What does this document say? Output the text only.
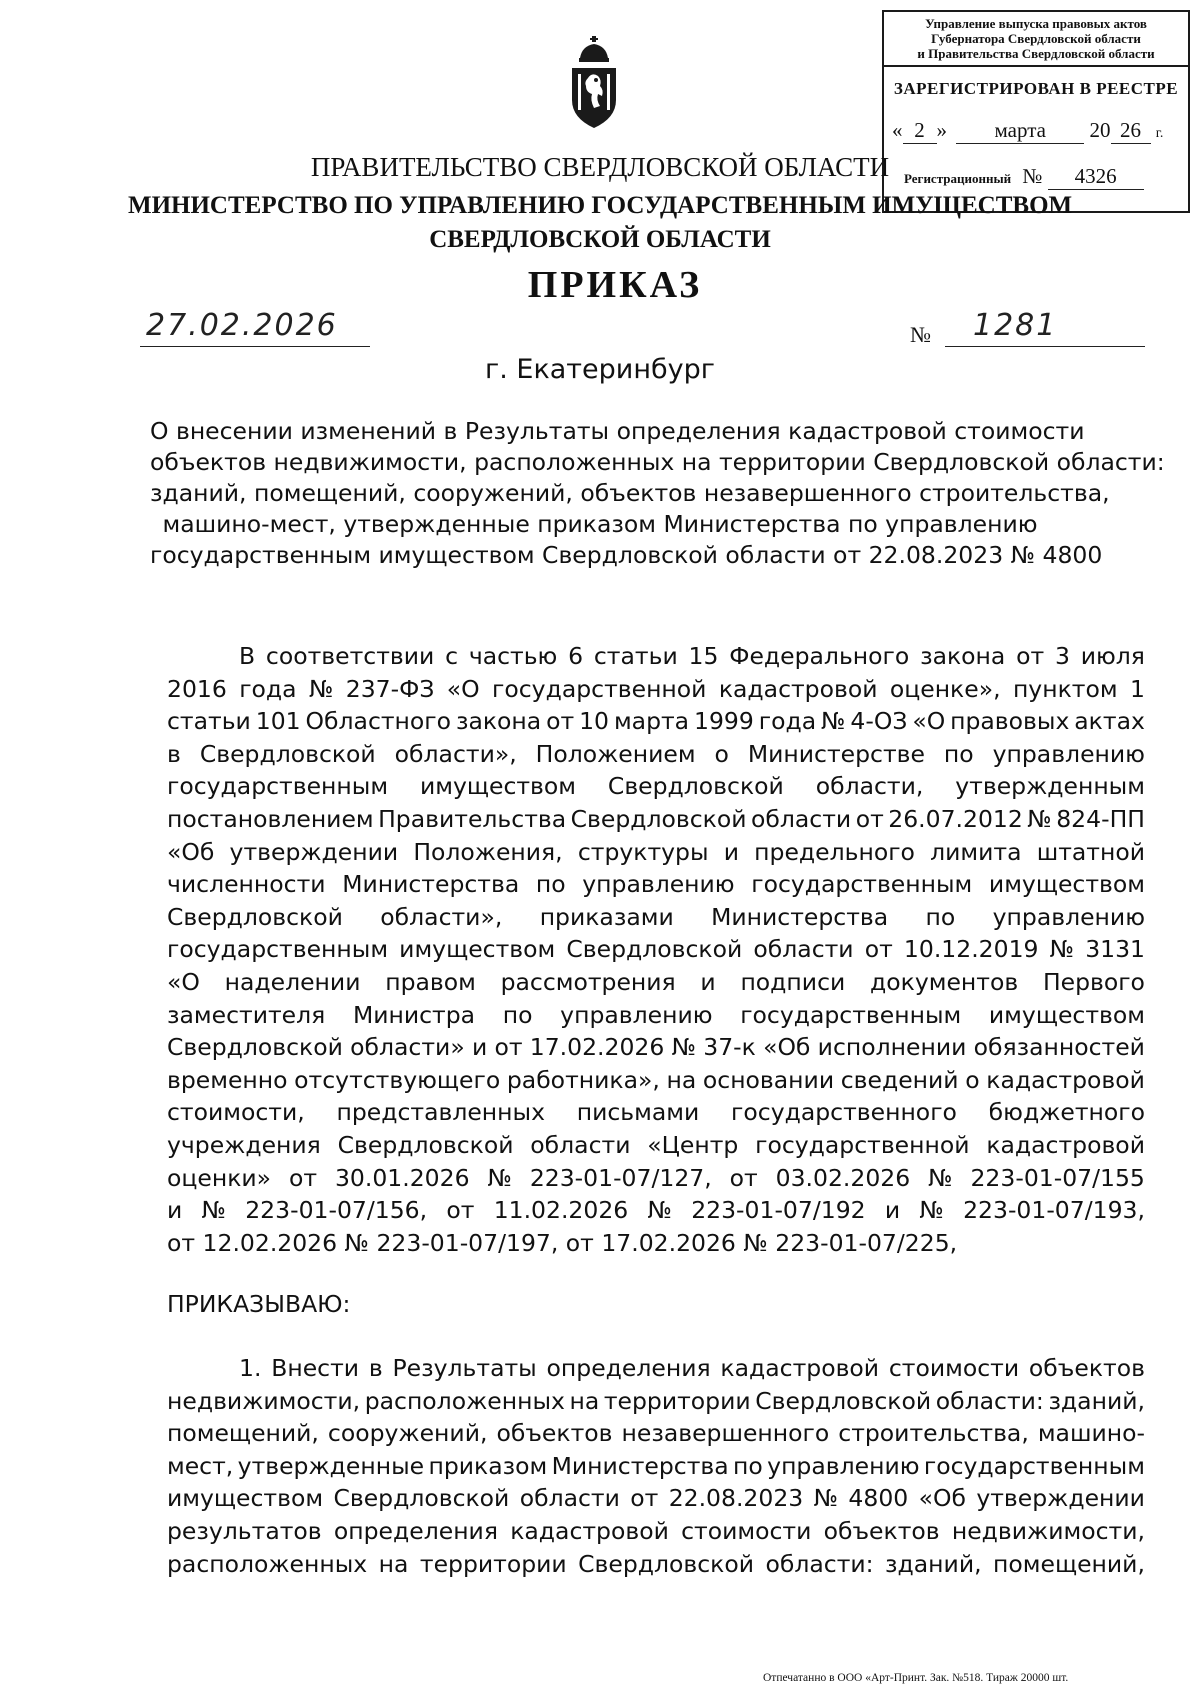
Управление выпуска правовых актов
Губернатора Свердловской области
и Правительства Свердловской области
ЗАРЕГИСТРИРОВАН В РЕЕСТРЕ
« 2 » марта 20 26 г.
Регистрационный № 4326
ПРАВИТЕЛЬСТВО СВЕРДЛОВСКОЙ ОБЛАСТИ
МИНИСТЕРСТВО ПО УПРАВЛЕНИЮ ГОСУДАРСТВЕННЫМ ИМУЩЕСТВОМ
СВЕРДЛОВСКОЙ ОБЛАСТИ
ПРИКАЗ
27.02.2026	№ 1281
г. Екатеринбург
О внесении изменений в Результаты определения кадастровой стоимости
объектов недвижимости, расположенных на территории Свердловской области:
зданий, помещений, сооружений, объектов незавершенного строительства,
машино-мест, утвержденные приказом Министерства по управлению
государственным имуществом Свердловской области от 22.08.2023 № 4800
В соответствии с частью 6 статьи 15 Федерального закона от 3 июля
2016 года № 237-ФЗ «О государственной кадастровой оценке», пунктом 1
статьи 101 Областного закона от 10 марта 1999 года № 4-ОЗ «О правовых актах
в Свердловской области», Положением о Министерстве по управлению
государственным имуществом Свердловской области, утвержденным
постановлением Правительства Свердловской области от 26.07.2012 № 824-ПП
«Об утверждении Положения, структуры и предельного лимита штатной
численности Министерства по управлению государственным имуществом
Свердловской области», приказами Министерства по управлению
государственным имуществом Свердловской области от 10.12.2019 № 3131
«О наделении правом рассмотрения и подписи документов Первого
заместителя Министра по управлению государственным имуществом
Свердловской области» и от 17.02.2026 № 37-к «Об исполнении обязанностей
временно отсутствующего работника», на основании сведений о кадастровой
стоимости, представленных письмами государственного бюджетного
учреждения Свердловской области «Центр государственной кадастровой
оценки» от 30.01.2026 № 223-01-07/127, от 03.02.2026 № 223-01-07/155
и № 223-01-07/156, от 11.02.2026 № 223-01-07/192 и № 223-01-07/193,
от 12.02.2026 № 223-01-07/197, от 17.02.2026 № 223-01-07/225,
ПРИКАЗЫВАЮ:
1. Внести в Результаты определения кадастровой стоимости объектов
недвижимости, расположенных на территории Свердловской области: зданий,
помещений, сооружений, объектов незавершенного строительства, машино-
мест, утвержденные приказом Министерства по управлению государственным
имуществом Свердловской области от 22.08.2023 № 4800 «Об утверждении
результатов определения кадастровой стоимости объектов недвижимости,
расположенных на территории Свердловской области: зданий, помещений,
Отпечатанно в ООО «Арт-Принт. Зак. №518. Тираж 20000 шт.
